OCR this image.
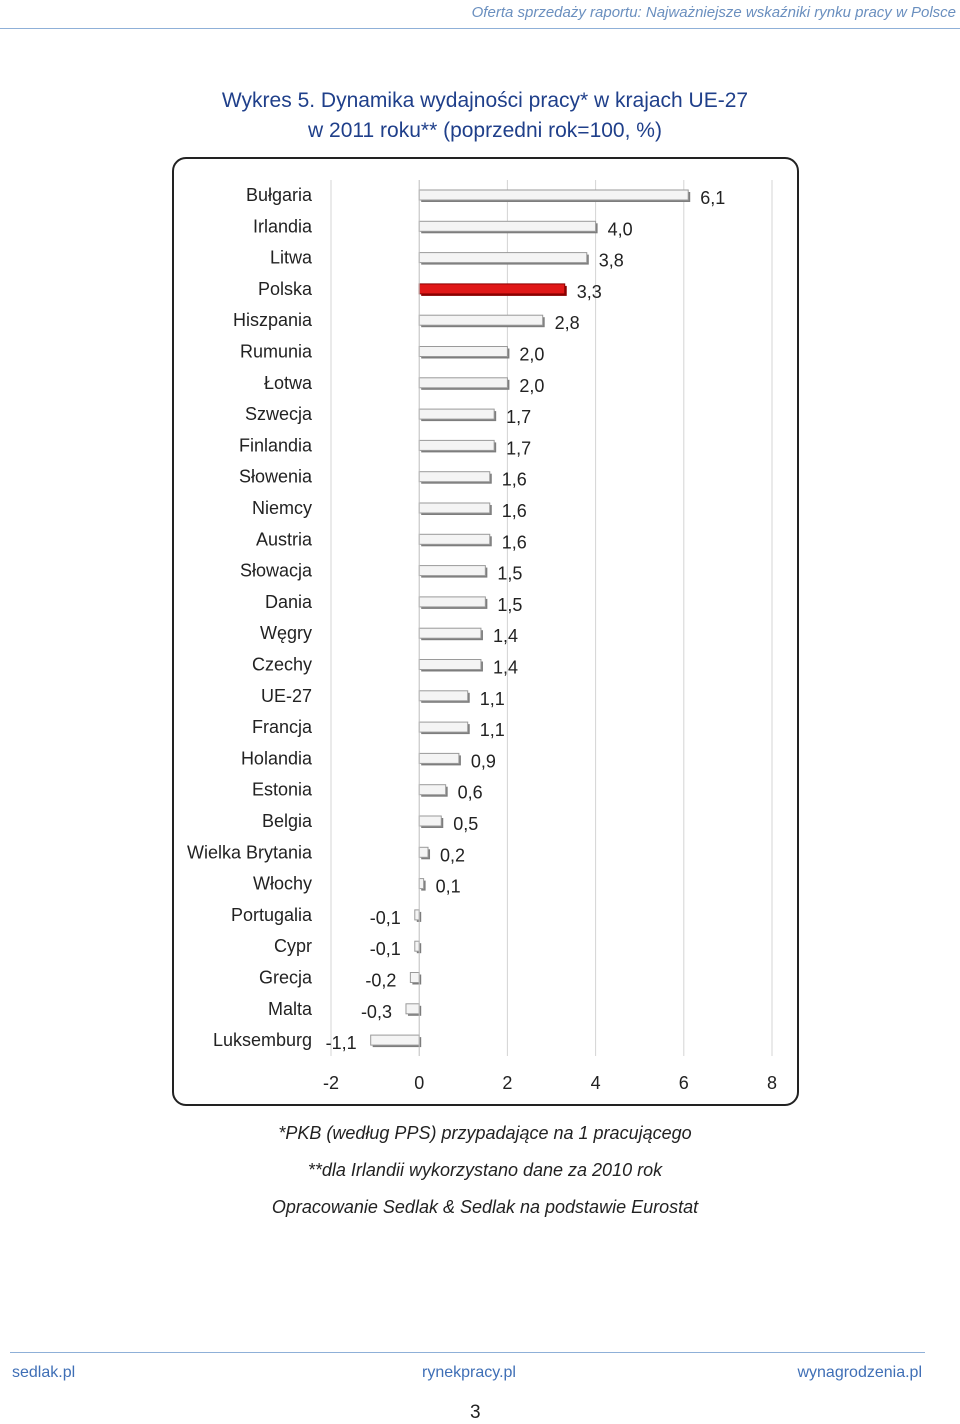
Oferta sprzedaży raportu: Najważniejsze wskaźniki rynku pracy w Polsce
Wykres 5. Dynamika wydajności pracy* w krajach UE-27
w 2011 roku** (poprzedni rok=100, %)
-2	0	2	4	6	8
Bułgaria	6,1
Irlandia	4,0
Litwa	3,8
Polska	3,3
Hiszpania	2,8
Rumunia	2,0
Łotwa	2,0
Szwecja	1,7
Finlandia	1,7
Słowenia	1,6
Niemcy	1,6
Austria	1,6
Słowacja	1,5
Dania	1,5
Węgry	1,4
Czechy	1,4
UE-27	1,1
Francja	1,1
Holandia	0,9
Estonia	0,6
Belgia	0,5
Wielka Brytania	0,2
Włochy	0,1
Portugalia	-0,1
Cypr	-0,1
Grecja	-0,2
Malta	-0,3
Luksemburg -1,1
*PKB (według PPS) przypadające na 1 pracującego
**dla Irlandii wykorzystano dane za 2010 rok
Opracowanie Sedlak & Sedlak na podstawie Eurostat
sedlak.pl	rynekpracy.pl	wynagrodzenia.pl
3
